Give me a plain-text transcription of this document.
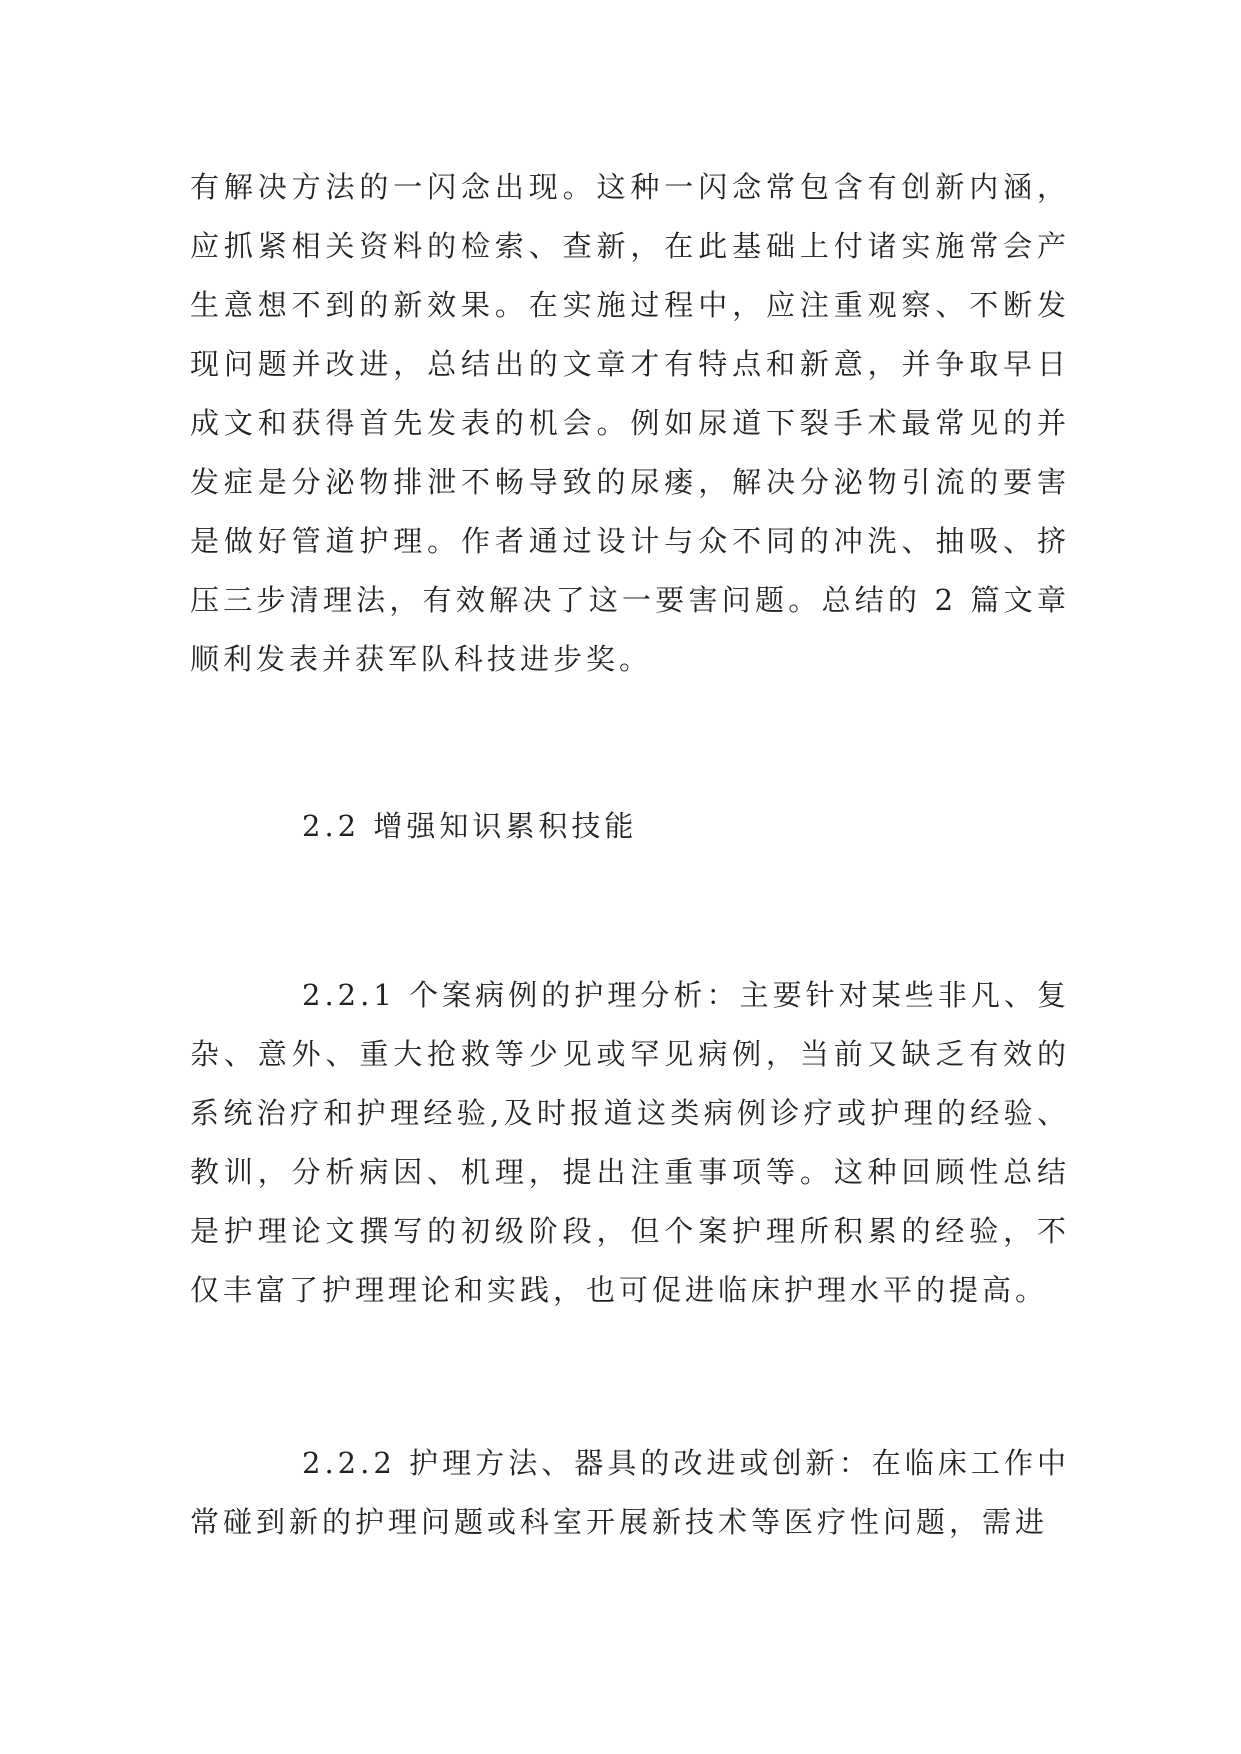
有解决方法的一闪念出现。这种一闪念常包含有创新内涵，应抓紧相关资料的检索、查新，在此基础上付诸实施常会产生意想不到的新效果。在实施过程中，应注重观察、不断发现问题并改进，总结出的文章才有特点和新意，并争取早日成文和获得首先发表的机会。例如尿道下裂手术最常见的并发症是分泌物排泄不畅导致的尿瘘，解决分泌物引流的要害是做好管道护理。作者通过设计与众不同的冲洗、抽吸、挤压三步清理法，有效解决了这一要害问题。总结的 2 篇文章顺利发表并获军队科技进步奖。

2.2 增强知识累积技能

2.2.1 个案病例的护理分析：主要针对某些非凡、复杂、意外、重大抢救等少见或罕见病例，当前又缺乏有效的系统治疗和护理经验,及时报道这类病例诊疗或护理的经验、教训，分析病因、机理，提出注重事项等。这种回顾性总结是护理论文撰写的初级阶段，但个案护理所积累的经验，不仅丰富了护理理论和实践，也可促进临床护理水平的提高。

2.2.2 护理方法、器具的改进或创新：在临床工作中常碰到新的护理问题或科室开展新技术等医疗性问题，需进
